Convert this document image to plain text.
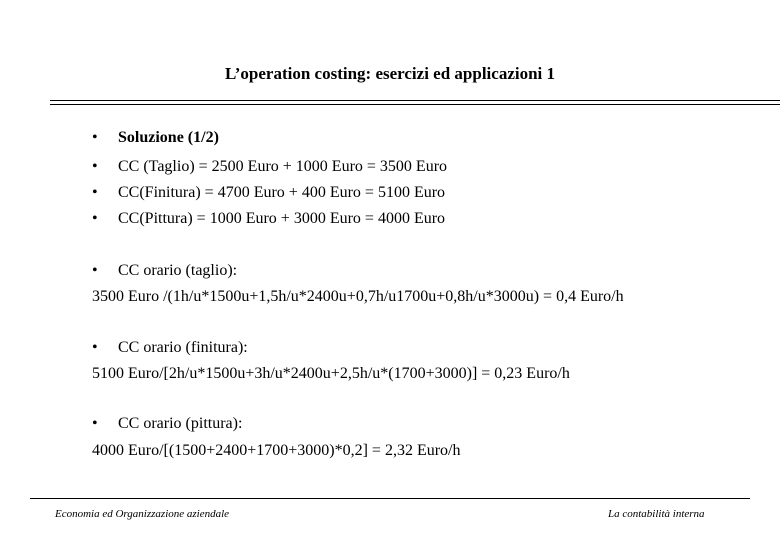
L’operation costing: esercizi ed applicazioni 1
• Soluzione (1/2)
• CC (Taglio) = 2500 Euro + 1000 Euro = 3500 Euro
• CC(Finitura) = 4700 Euro + 400 Euro = 5100 Euro
• CC(Pittura) = 1000 Euro + 3000 Euro = 4000 Euro
• CC orario (taglio):
3500 Euro /(1h/u*1500u+1,5h/u*2400u+0,7h/u1700u+0,8h/u*3000u) = 0,4 Euro/h
• CC orario (finitura):
5100 Euro/[2h/u*1500u+3h/u*2400u+2,5h/u*(1700+3000)] = 0,23 Euro/h
• CC orario (pittura):
4000 Euro/[(1500+2400+1700+3000)*0,2] = 2,32 Euro/h
Economia ed Organizzazione aziendale	La contabilità interna
